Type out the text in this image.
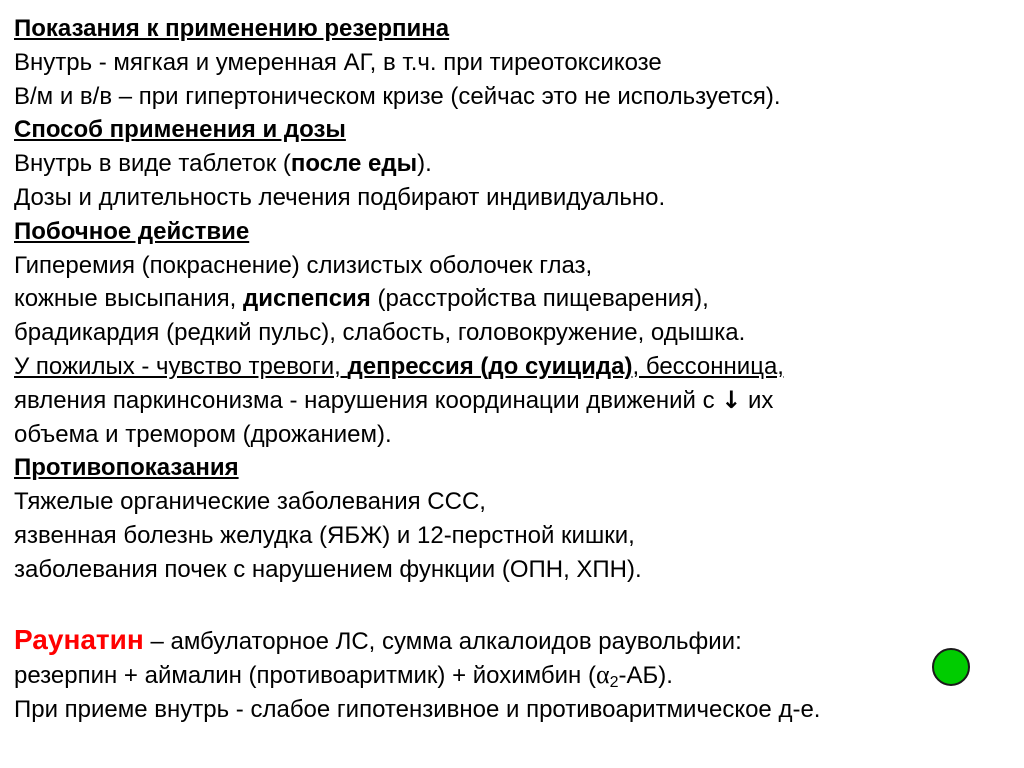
Показания к применению резерпина
Внутрь - мягкая и умеренная АГ, в т.ч. при тиреотоксикозе
В/м и в/в – при гипертоническом кризе (сейчас это не используется).
Способ применения и дозы
Внутрь в виде таблеток (после еды).
Дозы и длительность лечения подбирают индивидуально.
Побочное действие
Гиперемия (покраснение) слизистых оболочек глаз,
кожные высыпания, диспепсия (расстройства пищеварения),
брадикардия (редкий пульс), слабость, головокружение, одышка.
У пожилых - чувство тревоги, депрессия (до суицида), бессонница,
явления паркинсонизма - нарушения координации движений с ↓ их
объема и тремором (дрожанием).
Противопоказания
Тяжелые органические заболевания ССС,
язвенная болезнь желудка (ЯБЖ) и 12-перстной кишки,
заболевания почек с нарушением функции (ОПН, ХПН).
Раунатин – амбулаторное ЛС, сумма алкалоидов раувольфии:
резерпин + аймалин (противоаритмик) + йохимбин $(\alpha_2-АБ)$.
При приеме внутрь - слабое гипотензивное и противоаритмическое д-е.
